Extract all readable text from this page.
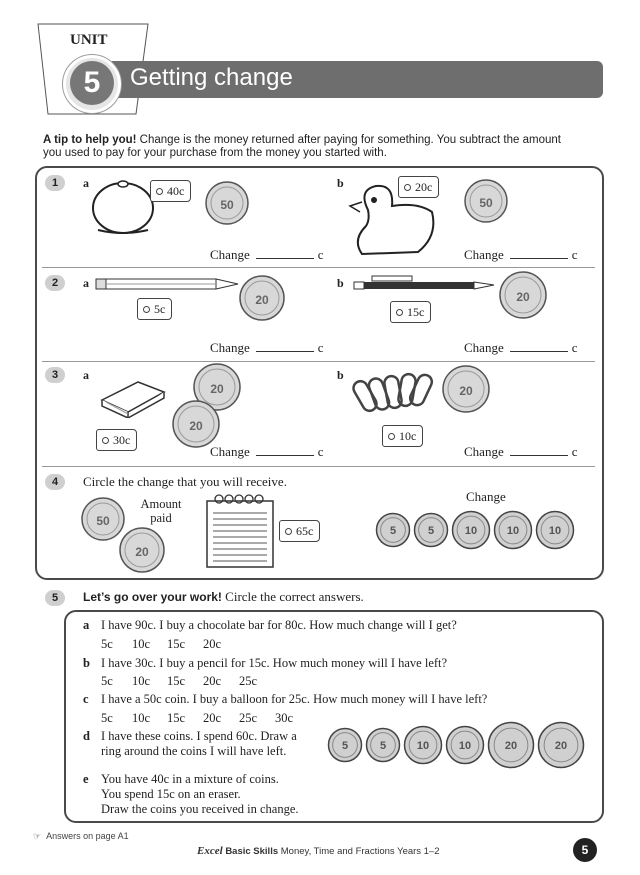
UNIT
5	Getting change
A tip to help you! Change is the money returned after paying for something. You subtract the amount you used to pay for your purchase from the money you started with.
1	a
40c
50
Change	c
b	20c
50
Change	c
2	a
5c
20
Change	c
b
15c
20
Change	c
3	a
20
20
30c
Change	c
b
10c
20
Change	c
4	Circle the change that you will receive.
Amount
paid
50
20
65c
Change
5	5	10	10	10
5	Let’s go over your work! Circle the correct answers.
a I have 90c. I buy a chocolate bar for 80c. How much change will I get?
5c	10c	15c	20c
b I have 30c. I buy a pencil for 15c. How much money will I have left?
5c	10c	15c	20c	25c
c I have a 50c coin. I buy a balloon for 25c. How much money will I have left?
5c	10c	15c	20c	25c	30c
d I have these coins. I spend 60c. Draw a
ring around the coins I will have left.
e You have 40c in a mixture of coins.
You spend 15c on an eraser.
Draw the coins you received in change.
5	5	10	10	20	20
☞ Answers on page A1
Excel Basic Skills Money, Time and Fractions Years 1–2	5
